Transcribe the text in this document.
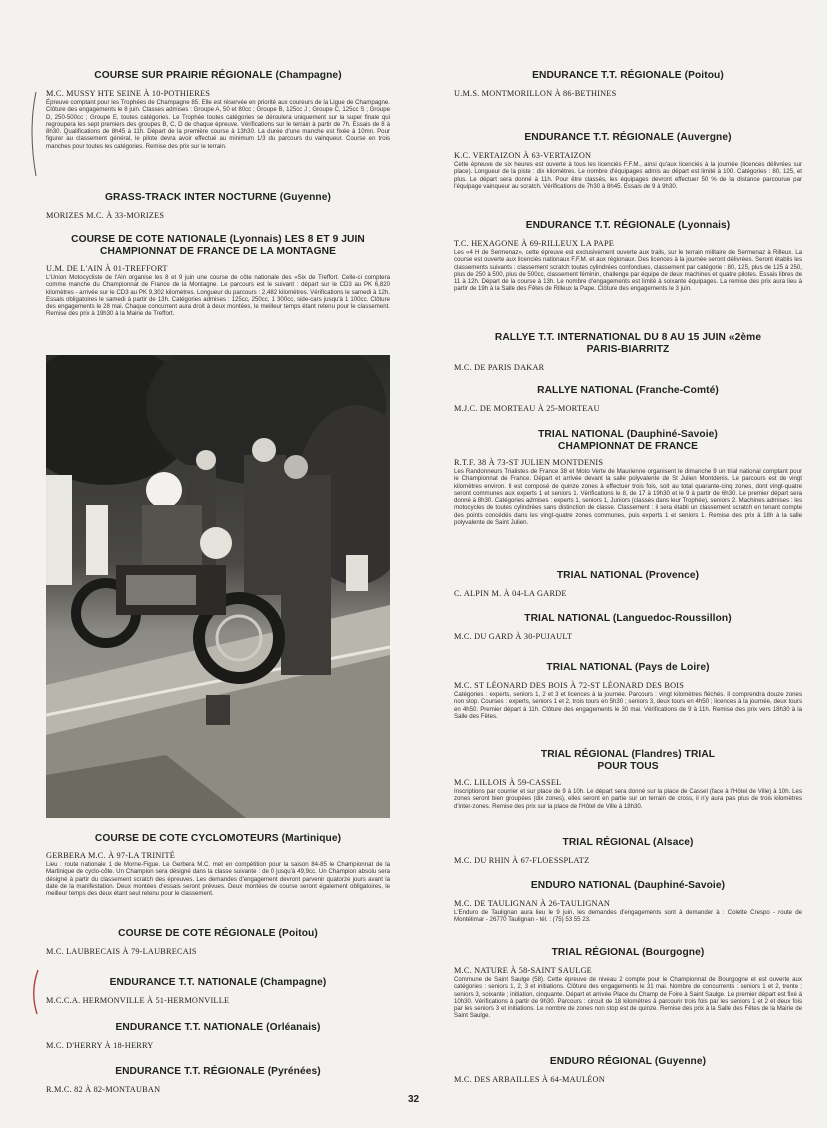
COURSE SUR PRAIRIE RÉGIONALE (Champagne)

M.C. MUSSY HTE SEINE À 10-POTHIERES

Épreuve comptant pour les Trophées de Champagne 85. Elle est réservée en priorité aux coureurs de la Ligue de Champagne. Clôture des engagements le 8 juin. Classes admises : Groupe A, 50 et 80cc ; Groupe B, 125cc J ; Groupe C, 125cc S ; Groupe D, 250-500cc ; Groupe E, toutes catégories. Le Trophée toutes catégories se déroulera uniquement sur la super finale qui regroupera les sept premiers des groupes B, C, D de chaque épreuve. Vérifications sur le terrain à partir de 7h. Essais de 8 à 8h30. Qualifications de 8h45 à 11h. Départ de la première course à 13h30. La durée d'une manche est fixée à 10mn. Pour figurer au classement général, le pilote devra avoir effectué au minimum 1/3 du parcours du vainqueur. Course en trois manches pour toutes les catégories. Remise des prix sur le terrain.

GRASS-TRACK INTER NOCTURNE (Guyenne)

MORIZES M.C. À 33-MORIZES

COURSE DE COTE NATIONALE (Lyonnais) LES 8 ET 9 JUIN CHAMPIONNAT DE FRANCE DE LA MONTAGNE

U.M. DE L'AIN À 01-TREFFORT

L'Union Motocycliste de l'Ain organise les 8 et 9 juin une course de côte nationale des «Six de Treffort. Celle-ci comptera comme manche du Championnat de France de la Montagne. Le parcours est le suivant : départ sur le CD3 au PK 6,820 kilomètres - arrivée sur le CD3 au PK 9,302 kilomètres. Longueur du parcours : 2,482 kilomètres. Vérifications le samedi à 12h. Essais obligatoires le samedi à partir de 13h. Catégories admises : 125cc, 250cc, 1 300cc, side-cars jusqu'à 1 100cc. Clôture des engagements le 28 mai. Chaque concurrent aura droit à deux montées, le meilleur temps étant retenu pour le classement. Remise des prix à 19h30 à la Mairie de Treffort.

COURSE DE COTE CYCLOMOTEURS (Martinique)

GERBERA M.C. À 97-LA TRINITÉ

Lieu : route nationale 1 de Morne-Figue. Le Gerbera M.C. met en compétition pour la saison 84-85 le Championnat de la Martinique de cyclo-côte. Un Champion sera désigné dans la classe suivante : de 0 jusqu'à 49,9cc. Un Champion absolu sera désigné à partir du classement scratch des épreuves. Les demandes d'engagement devront parvenir quatorze jours avant la date de la manifestation. Deux montées d'essais seront prévues. Deux montées de course seront également obligatoires, le meilleur temps des deux étant seul retenu pour le classement.

COURSE DE COTE RÉGIONALE (Poitou)

M.C. LAUBRECAIS À 79-LAUBRECAIS

ENDURANCE T.T. NATIONALE (Champagne)

M.C.C.A. HERMONVILLE À 51-HERMONVILLE

ENDURANCE T.T. NATIONALE (Orléanais)

M.C. D'HERRY À 18-HERRY

ENDURANCE T.T. RÉGIONALE (Pyrénées)

R.M.C. 82 À 82-MONTAUBAN

ENDURANCE T.T. RÉGIONALE (Poitou)

U.M.S. MONTMORILLON À 86-BETHINES

ENDURANCE T.T. RÉGIONALE (Auvergne)

K.C. VERTAIZON À 63-VERTAIZON

Cette épreuve de six heures est ouverte à tous les licenciés F.F.M., ainsi qu'aux licenciés à la journée (licences délivrées sur place). Longueur de la piste : dix kilomètres. Le nombre d'équipages admis au départ est limité à 100. Catégories : 80, 125, et plus. Le départ sera donné à 11h. Pour être classés, les équipages devront effectuer 50 % de la distance parcourue par l'équipage vainqueur au scratch. Vérifications de 7h30 à 8h45. Essais de 9 à 9h30.

ENDURANCE T.T. RÉGIONALE (Lyonnais)

T.C. HEXAGONE À 69-RILLEUX LA PAPE

Les «4 H de Sermenaz», cette épreuve est exclusivement ouverte aux trails, sur le terrain militaire de Sermenaz à Rilleux. La course est ouverte aux licenciés nationaux F.F.M. et aux régionaux. Des licences à la journée seront délivrées. Seront établis les classements suivants : classement scratch toutes cylindrées confondues, classement par catégorie : 80, 125, plus de 125 à 250, plus de 250 à 500, plus de 500cc, classement féminin, challenge par équipe de deux machines et quatre pilotes. Essais libres de 11 à 12h. Départ de la course à 13h. Le nombre d'engagements est limité à soixante équipages. La remise des prix aura lieu à partir de 19h à la Salle des Fêtes de Rilleux la Pape. Clôture des engagements le 3 juin.

RALLYE T.T. INTERNATIONAL DU 8 AU 15 JUIN «2ème PARIS-BIARRITZ

M.C. DE PARIS DAKAR

RALLYE NATIONAL (Franche-Comté)

M.J.C. DE MORTEAU À 25-MORTEAU

TRIAL NATIONAL (Dauphiné-Savoie) CHAMPIONNAT DE FRANCE

R.T.F. 38 À 73-ST JULIEN MONTDENIS

Les Randonneurs Trialistes de France 38 et Moto Verte de Maurienne organisent le dimanche 9 un trial national comptant pour le Championnat de France. Départ et arrivée devant la salle polyvalente de St Julien Montdenis. Le parcours est de vingt kilomètres environ. Il est composé de quinze zones à effectuer trois fois, soit au total quarante-cinq zones, dont vingt-quatre seront communes aux experts 1 et seniors 1. Vérifications le 8, de 17 à 19h30 et le 9 à partir de 6h30. Le premier départ sera donné à 8h30. Catégories admises : experts 1, seniors 1, Juniors (classés dans leur Trophée), seniors 2. Machines admises : les motocycles de toutes cylindrées sans distinction de classe. Classement : il sera établi un classement scratch en tenant compte des points concédés dans les vingt-quatre zones communes, puis experts 1 et seniors 1. Remise des prix à 18h à la salle polyvalente de Saint Julien.

TRIAL NATIONAL (Provence)

C. ALPIN M. À 04-LA GARDE

TRIAL NATIONAL (Languedoc-Roussillon)

M.C. DU GARD À 30-PUJAULT

TRIAL NATIONAL (Pays de Loire)

M.C. ST LÉONARD DES BOIS À 72-ST LÉONARD DES BOIS

Catégories : experts, seniors 1, 2 et 3 et licences à la journée. Parcours : vingt kilomètres fléchés. Il comprendra douze zones non stop. Courses : experts, seniors 1 et 2, trois tours en 5h30 ; seniors 3, deux tours en 4h50 ; licences à la journée, deux tours en 4h50. Premier départ à 11h. Clôture des engagements le 30 mai. Vérifications de 9 à 11h. Remise des prix vers 18h30 à la Salle des Fêtes.

TRIAL RÉGIONAL (Flandres) TRIAL POUR TOUS

M.C. LILLOIS À 59-CASSEL

Inscriptions par courrier et sur place de 9 à 10h. Le départ sera donné sur la place de Cassel (face à l'Hôtel de Ville) à 10h. Les zones seront bien groupées (dix zones), elles seront en partie sur un terrain de cross, il n'y aura pas plus de trois kilomètres d'inter-zones. Remise des prix sur la place de l'Hôtel de Ville à 18h30.

TRIAL RÉGIONAL (Alsace)

M.C. DU RHIN À 67-FLOESSPLATZ

ENDURO NATIONAL (Dauphiné-Savoie)

M.C. DE TAULIGNAN À 26-TAULIGNAN

L'Enduro de Taulignan aura lieu le 9 juin, les demandes d'engagements sont à demander à : Colette Crespo - route de Montélimar - 26770 Taulignan - tél. : (75) 53 55 23.

TRIAL RÉGIONAL (Bourgogne)

M.C. NATURE À 58-SAINT SAULGE

Commune de Saint Saulge (58). Cette épreuve de niveau 2 compte pour le Championnat de Bourgogne et est ouverte aux catégories : seniors 1, 2, 3 et initiations. Clôture des engagements le 31 mai. Nombre de concurrents : seniors 1 et 2, trente ; seniors 3, soixante ; initiation, cinquante. Départ et arrivée Place du Champ de Foire à Saint Saulge. Le premier départ est fixé à 10h30. Vérifications à partir de 9h30. Parcours : circuit de 18 kilomètres à parcourir trois fois par les seniors 1 et 2 et deux fois par les seniors 3 et initiations. Le nombre de zones non stop est de quinze. Remise des prix à la Salle des Fêtes de la Mairie de Saint Saulge.

ENDURO RÉGIONAL (Guyenne)

M.C. DES ARBAILLES À 64-MAULÉON

32
